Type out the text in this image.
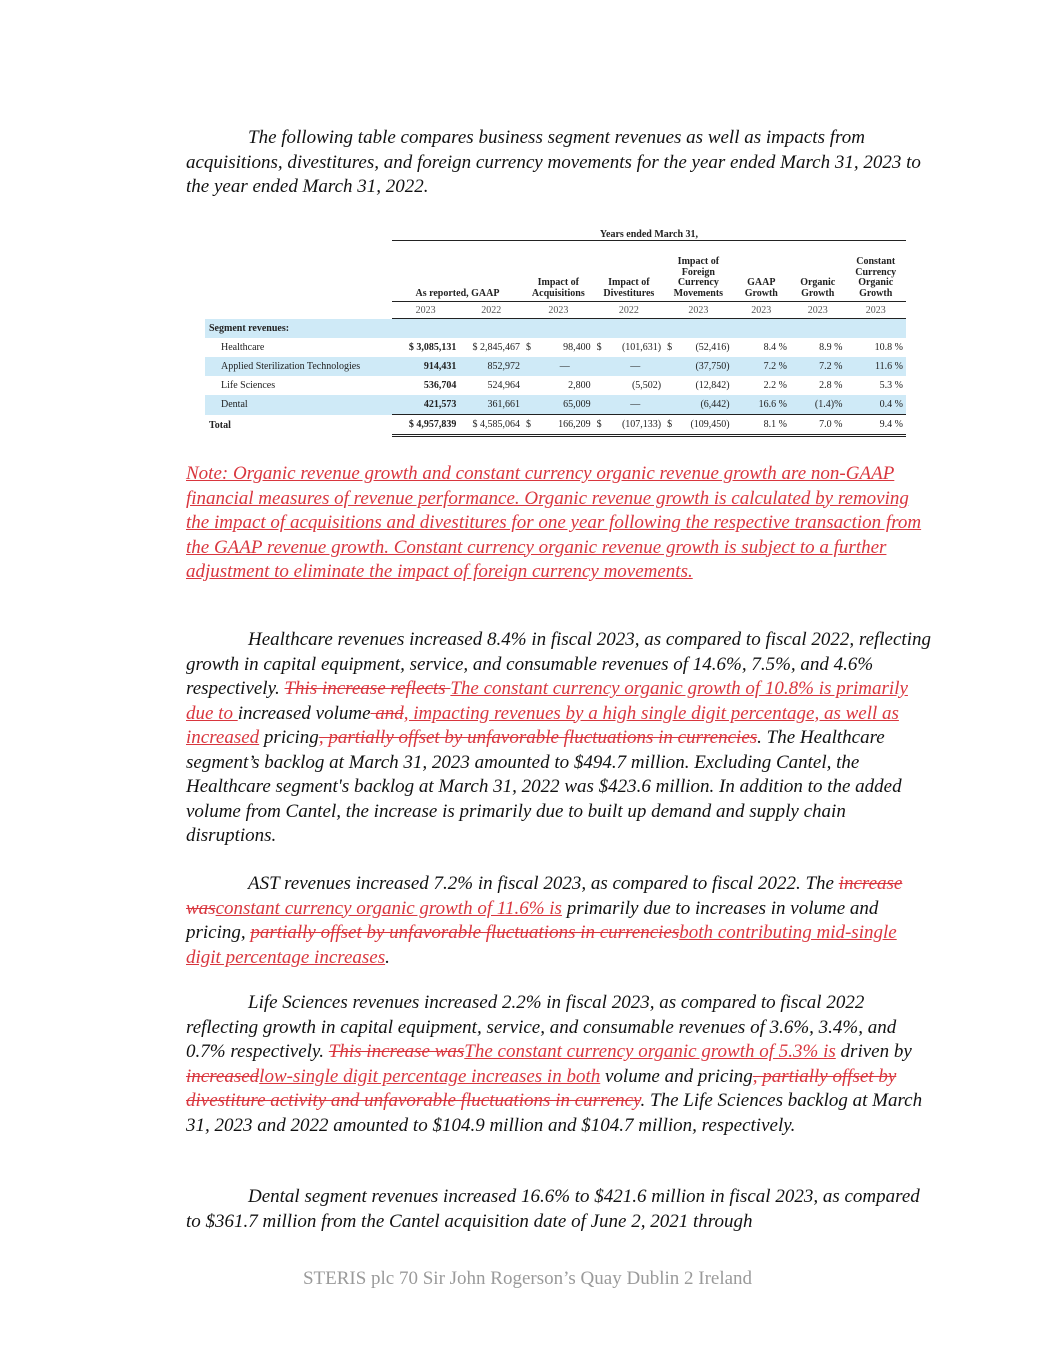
The following table compares business segment revenues as well as impacts from acquisitions, divestitures, and foreign currency movements for the year ended March 31, 2023 to the year ended March 31, 2022.

	Years ended March 31,										
	As reported, GAAP		Impact of Acquisitions		Impact of Divestitures		Impact of Foreign Currency Movements		GAAP Growth	Organic Growth	Constant Currency Organic Growth
	2023	2022	2023		2022		2023		2023	2023	2023
Segment revenues:											
Healthcare	$ 3,085,131	$ 2,845,467	$	98,400	$	(101,631)	$	(52,416)	8.4 %	8.9 %	10.8 %
Applied Sterilization Technologies	914,431	852,972		—		—		(37,750)	7.2 %	7.2 %	11.6 %
Life Sciences	536,704	524,964		2,800		(5,502)		(12,842)	2.2 %	2.8 %	5.3 %
Dental	421,573	361,661		65,009		—		(6,442)	16.6 %	(1.4)%	0.4 %
Total	$ 4,957,839	$ 4,585,064	$	166,209	$	(107,133)	$	(109,450)	8.1 %	7.0 %	9.4 %

Note: Organic revenue growth and constant currency organic revenue growth are non-GAAP financial measures of revenue performance. Organic revenue growth is calculated by removing the impact of acquisitions and divestitures for one year following the respective transaction from the GAAP revenue growth. Constant currency organic revenue growth is subject to a further adjustment to eliminate the impact of foreign currency movements.

Healthcare revenues increased 8.4% in fiscal 2023, as compared to fiscal 2022, reflecting growth in capital equipment, service, and consumable revenues of 14.6%, 7.5%, and 4.6% respectively. This increase reflects The constant currency organic growth of 10.8% is primarily due to increased volume and, impacting revenues by a high single digit percentage, as well as increased pricing, partially offset by unfavorable fluctuations in currencies. The Healthcare segment’s backlog at March 31, 2023 amounted to $494.7 million. Excluding Cantel, the Healthcare segment's backlog at March 31, 2022 was $423.6 million. In addition to the added volume from Cantel, the increase is primarily due to built up demand and supply chain disruptions.

AST revenues increased 7.2% in fiscal 2023, as compared to fiscal 2022. The increase wasconstant currency organic growth of 11.6% is primarily due to increases in volume and pricing, partially offset by unfavorable fluctuations in currenciesboth contributing mid-single digit percentage increases.

Life Sciences revenues increased 2.2% in fiscal 2023, as compared to fiscal 2022 reflecting growth in capital equipment, service, and consumable revenues of 3.6%, 3.4%, and 0.7% respectively. This increase wasThe constant currency organic growth of 5.3% is driven by increasedlow-single digit percentage increases in both volume and pricing, partially offset by divestiture activity and unfavorable fluctuations in currency. The Life Sciences backlog at March 31, 2023 and 2022 amounted to $104.9 million and $104.7 million, respectively.

Dental segment revenues increased 16.6% to $421.6 million in fiscal 2023, as compared to $361.7 million from the Cantel acquisition date of June 2, 2021 through

STERIS plc 70 Sir John Rogerson’s Quay Dublin 2 Ireland
